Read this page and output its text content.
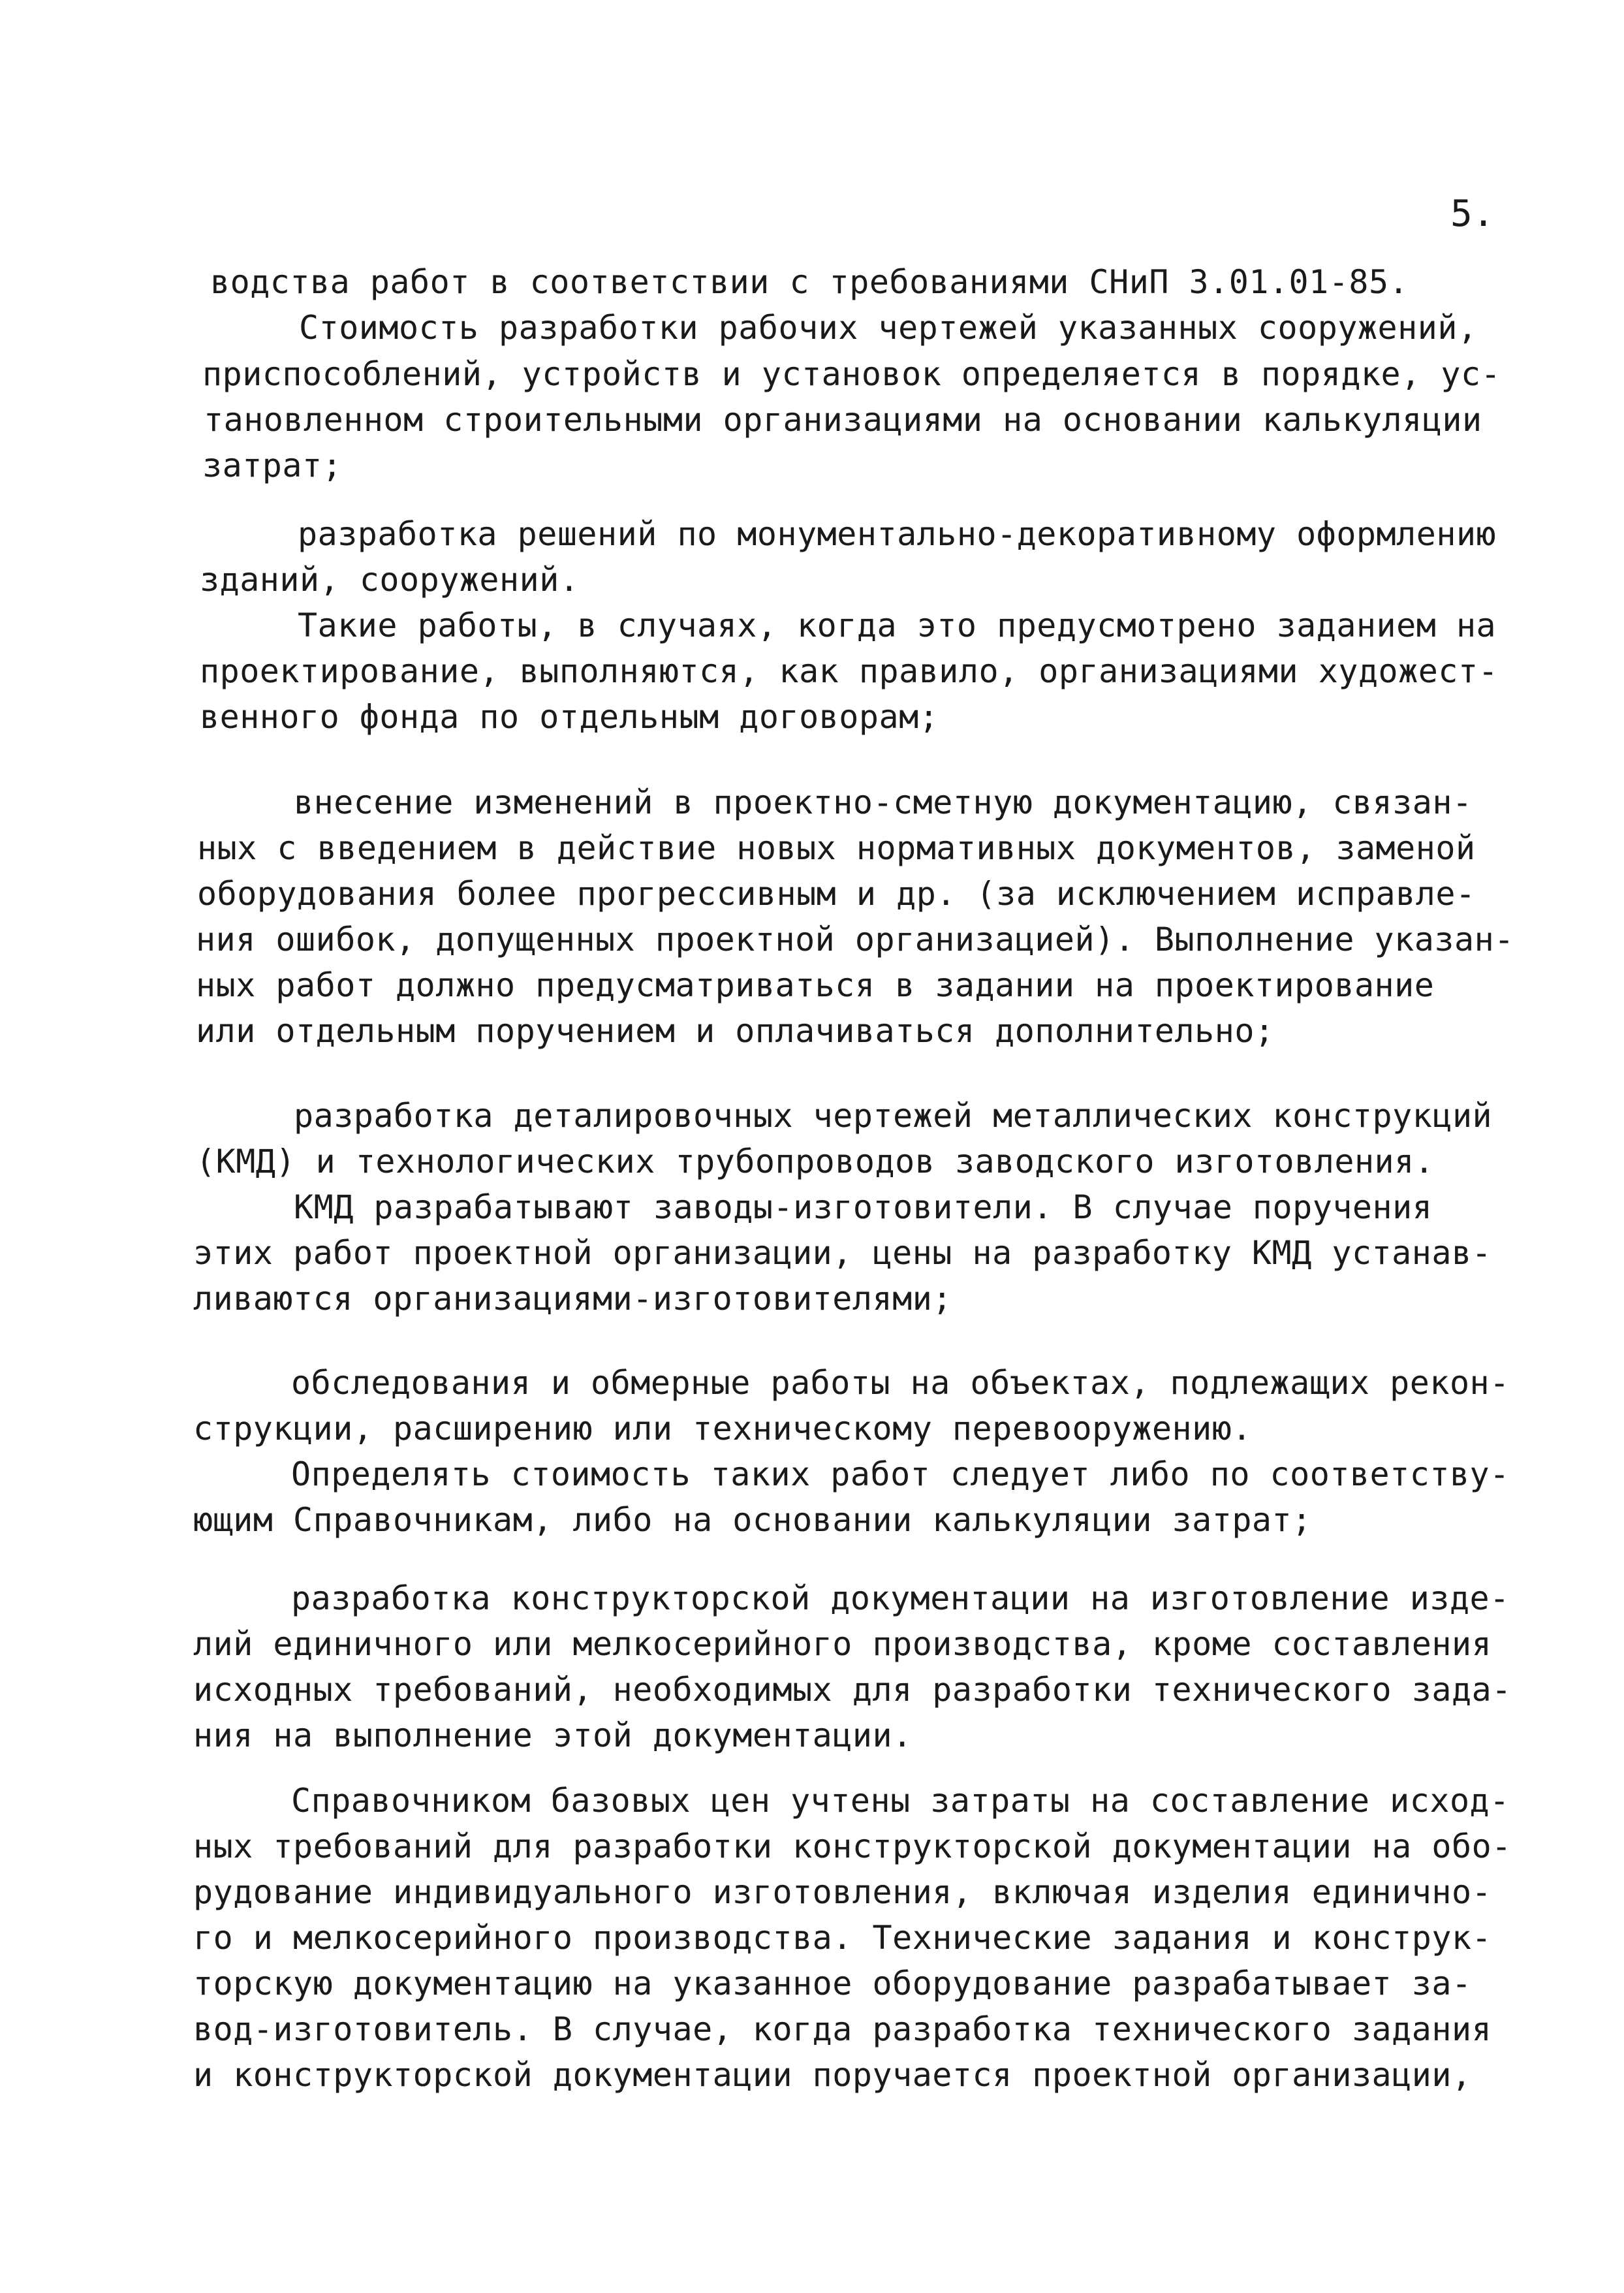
5.
водства работ в соответствии с требованиями СНиП 3.01.01-85.
Стоимость разработки рабочих чертежей указанных сооружений,
приспособлений, устройств и установок определяется в порядке, ус-
тановленном строительными организациями на основании калькуляции
затрат;
разработка решений по монументально-декоративному оформлению
зданий, сооружений.
Такие работы, в случаях, когда это предусмотрено заданием на
проектирование, выполняются, как правило, организациями художест-
венного фонда по отдельным договорам;
внесение изменений в проектно-сметную документацию, связан-
ных с введением в действие новых нормативных документов, заменой
оборудования более прогрессивным и др. (за исключением исправле-
ния ошибок, допущенных проектной организацией). Выполнение указан-
ных работ должно предусматриваться в задании на проектирование
или отдельным поручением и оплачиваться дополнительно;
разработка деталировочных чертежей металлических конструкций
(КМД) и технологических трубопроводов заводского изготовления.
КМД разрабатывают заводы-изготовители. В случае поручения
этих работ проектной организации, цены на разработку КМД устанав-
ливаются организациями-изготовителями;
обследования и обмерные работы на объектах, подлежащих рекон-
струкции, расширению или техническому перевооружению.
Определять стоимость таких работ следует либо по соответству-
ющим Справочникам, либо на основании калькуляции затрат;
разработка конструкторской документации на изготовление изде-
лий единичного или мелкосерийного производства, кроме составления
исходных требований, необходимых для разработки технического зада-
ния на выполнение этой документации.
Справочником базовых цен учтены затраты на составление исход-
ных требований для разработки конструкторской документации на обо-
рудование индивидуального изготовления, включая изделия единично-
го и мелкосерийного производства. Технические задания и конструк-
торскую документацию на указанное оборудование разрабатывает за-
вод-изготовитель. В случае, когда разработка технического задания
и конструкторской документации поручается проектной организации,
